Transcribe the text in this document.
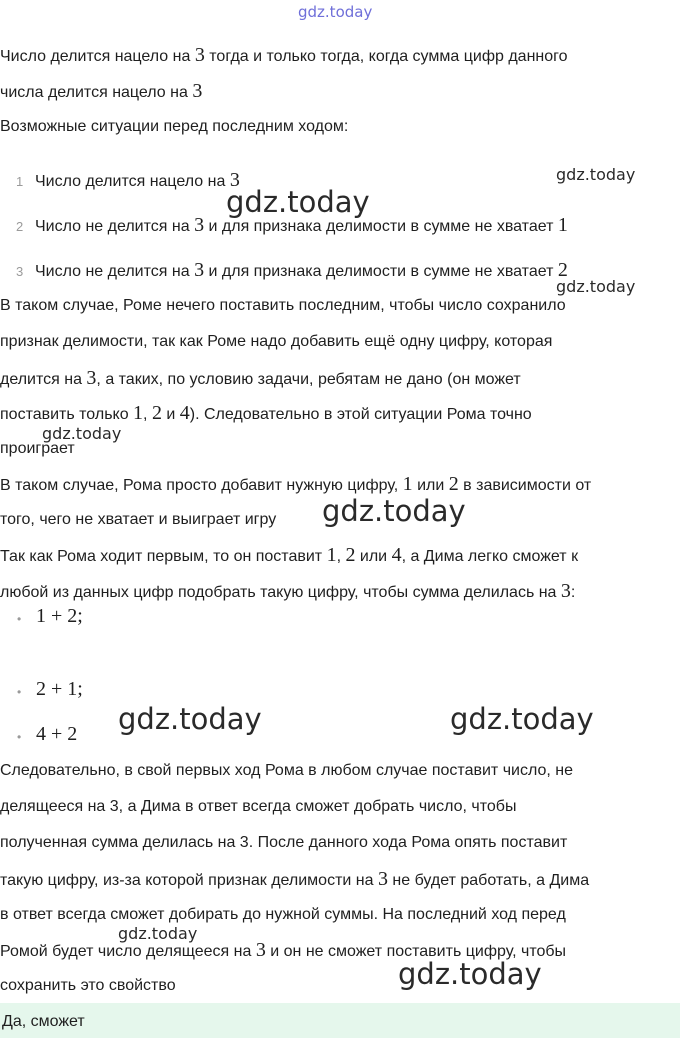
gdz.today
Число делится нацело на 3 тогда и только тогда, когда сумма цифр данного
числа делится нацело на 3
Возможные ситуации перед последним ходом:
1 Число делится нацело на 3
2 Число не делится на 3 и для признака делимости в сумме не хватает 1
3 Число не делится на 3 и для признака делимости в сумме не хватает 2
В таком случае, Роме нечего поставить последним, чтобы число сохранило
признак делимости, так как Роме надо добавить ещё одну цифру, которая
делится на 3, а таких, по условию задачи, ребятам не дано (он может
поставить только 1, 2 и 4). Следовательно в этой ситуации Рома точно
проиграет
В таком случае, Рома просто добавит нужную цифру, 1 или 2 в зависимости от
того, чего не хватает и выиграет игру
Так как Рома ходит первым, то он поставит 1, 2 или 4, а Дима легко сможет к
любой из данных цифр подобрать такую цифру, чтобы сумма делилась на 3:
• 1 + 2;
• 2 + 1;
• 4 + 2
Следовательно, в свой первых ход Рома в любом случае поставит число, не
делящееся на 3, а Дима в ответ всегда сможет добрать число, чтобы
полученная сумма делилась на 3. После данного хода Рома опять поставит
такую цифру, из-за которой признак делимости на 3 не будет работать, а Дима
в ответ всегда сможет добирать до нужной суммы. На последний ход перед
Ромой будет число делящееся на 3 и он не сможет поставить цифру, чтобы
сохранить это свойство
Да, сможет
gdz.today
gdz.today
gdz.today
gdz.today
gdz.today
gdz.today	gdz.today
gdz.today
gdz.today
